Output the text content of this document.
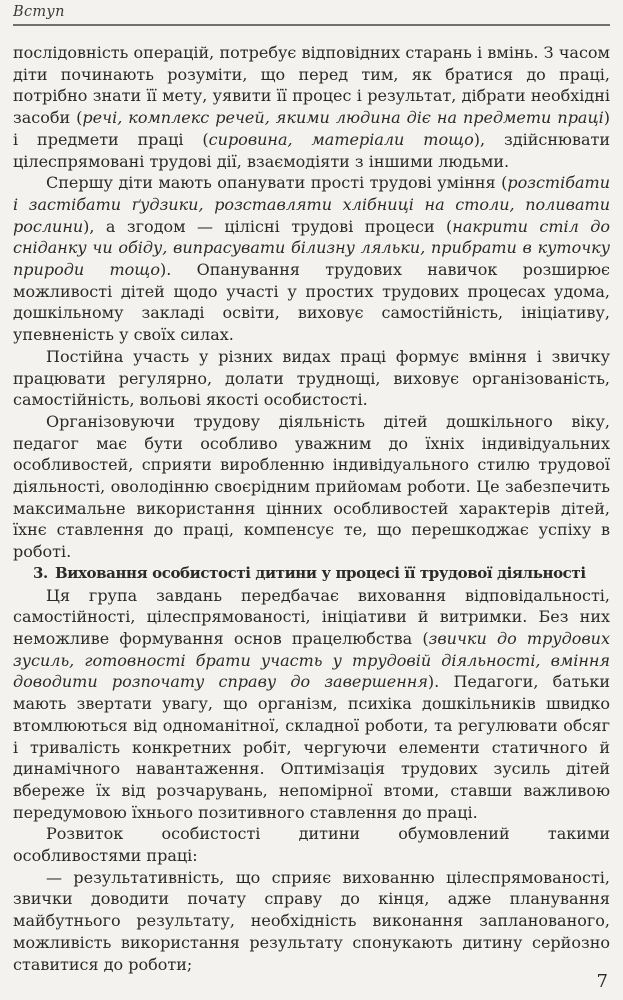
Вступ

послідовність операцій, потребує відповідних старань і вмінь. З часом діти починають розуміти, що перед тим, як братися до праці, потрібно знати її мету, уявити її процес і результат, дібрати необхідні засоби (речі, комплекс речей, якими людина діє на предмети праці) і предмети праці (сировина, матеріали тощо), здійснювати цілеспрямовані трудові дії, взаємодіяти з іншими людьми.

Спершу діти мають опанувати прості трудові уміння (розстібати і застібати ґудзики, розставляти хлібниці на столи, поливати рослини), а згодом — цілісні трудові процеси (накрити стіл до сніданку чи обіду, випрасувати білизну ляльки, прибрати в куточку природи тощо). Опанування трудових навичок розширює можливості дітей щодо участі у простих трудових процесах удома, дошкільному закладі освіти, виховує самостійність, ініціативу, упевненість у своїх силах.

Постійна участь у різних видах праці формує вміння і звичку працювати регулярно, долати труднощі, виховує організованість, самостійність, вольові якості особистості.

Організовуючи трудову діяльність дітей дошкільного віку, педагог має бути особливо уважним до їхніх індивідуальних особливостей, сприяти виробленню індивідуального стилю трудової діяльності, оволодінню своєрідним прийомам роботи. Це забезпечить максимальне використання цінних особливостей характерів дітей, їхнє ставлення до праці, компенсує те, що перешкоджає успіху в роботі.

3. Виховання особистості дитини у процесі її трудової діяльності

Ця група завдань передбачає виховання відповідальності, самостійності, цілеспрямованості, ініціативи й витримки. Без них неможливе формування основ працелюбства (звички до трудових зусиль, готовності брати участь у трудовій діяльності, вміння доводити розпочату справу до завершення). Педагоги, батьки мають звертати увагу, що організм, психіка дошкільників швидко втомлюються від одноманітної, складної роботи, та регулювати обсяг і тривалість конкретних робіт, чергуючи елементи статичного й динамічного навантаження. Оптимізація трудових зусиль дітей вбереже їх від розчарувань, непомірної втоми, ставши важливою передумовою їхнього позитивного ставлення до праці.

Розвиток особистості дитини обумовлений такими особливостями праці:

— результативність, що сприяє вихованню цілеспрямованості, звички доводити почату справу до кінця, адже планування майбутнього результату, необхідність виконання запланованого, можливість використання результату спонукають дитину серйозно ставитися до роботи;

7
